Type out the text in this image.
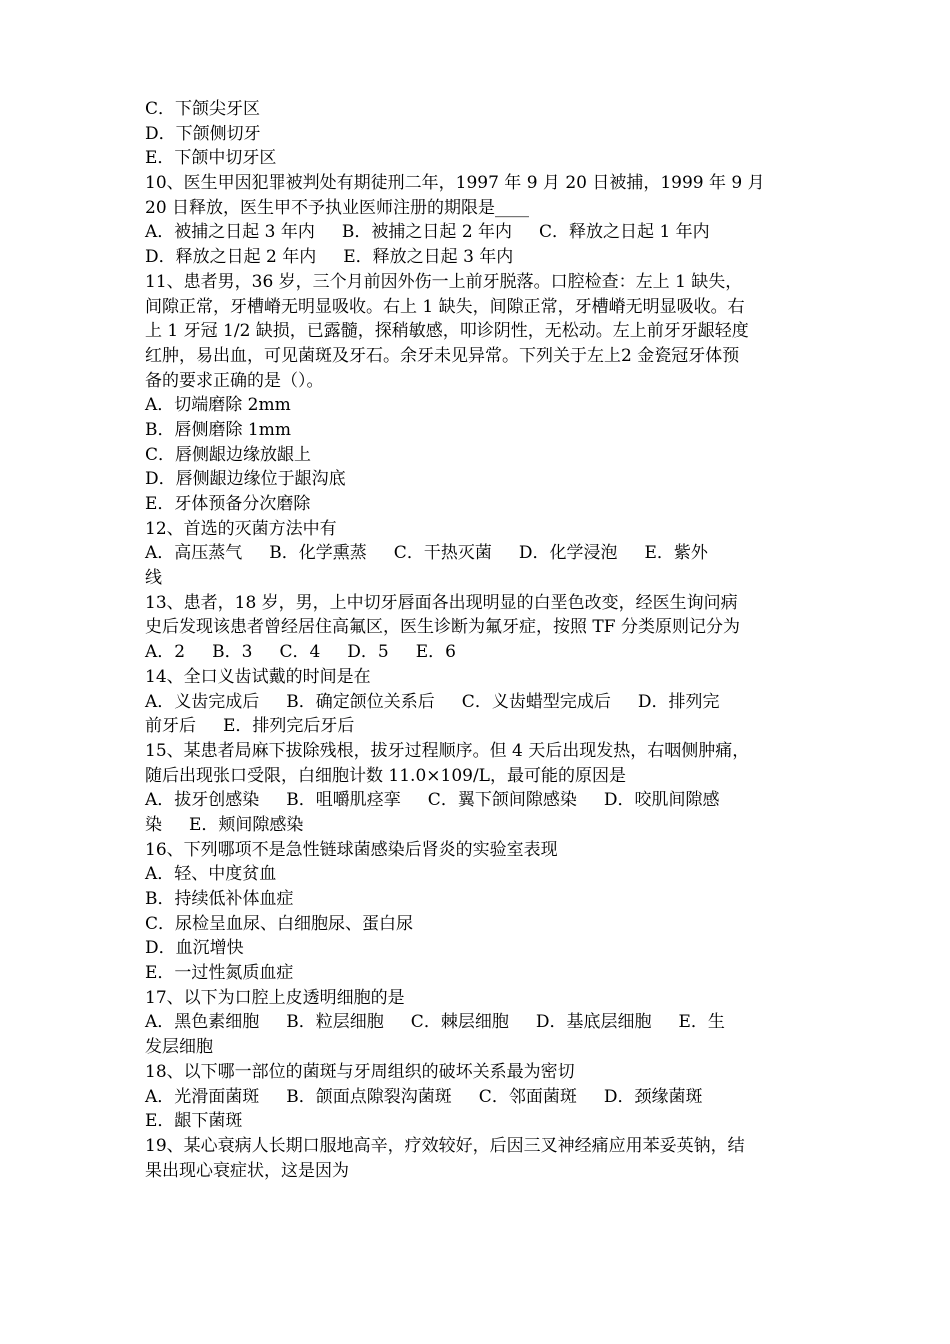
C．下颌尖牙区
D．下颌侧切牙
E．下颌中切牙区
10、医生甲因犯罪被判处有期徒刑二年，1997 年 9 月 20 日被捕，1999 年 9 月
20 日释放，医生甲不予执业医师注册的期限是____
A．被捕之日起 3 年内     B．被捕之日起 2 年内     C．释放之日起 1 年内
D．释放之日起 2 年内     E．释放之日起 3 年内
11、患者男，36 岁，三个月前因外伤一上前牙脱落。口腔检查：左上 1 缺失，
间隙正常，牙槽嵴无明显吸收。右上 1 缺失，间隙正常，牙槽嵴无明显吸收。右
上 1 牙冠 1/2 缺损，已露髓，探稍敏感，叩诊阴性，无松动。左上前牙牙龈轻度
红肿，易出血，可见菌斑及牙石。余牙未见异常。下列关于左上2 金瓷冠牙体预
备的要求正确的是（）。
A．切端磨除 2mm
B．唇侧磨除 1mm
C．唇侧龈边缘放龈上
D．唇侧龈边缘位于龈沟底
E．牙体预备分次磨除
12、首选的灭菌方法中有
A．高压蒸气     B．化学熏蒸     C．干热灭菌     D．化学浸泡     E．紫外
线
13、患者，18 岁，男，上中切牙唇面各出现明显的白垩色改变，经医生询问病
史后发现该患者曾经居住高氟区，医生诊断为氟牙症，按照 TF 分类原则记分为
A．2     B．3     C．4     D．5     E．6
14、全口义齿试戴的时间是在
A．义齿完成后     B．确定颌位关系后     C．义齿蜡型完成后     D．排列完
前牙后     E．排列完后牙后
15、某患者局麻下拔除残根，拔牙过程顺序。但 4 天后出现发热，右咽侧肿痛，
随后出现张口受限，白细胞计数 11.0×109/L，最可能的原因是
A．拔牙创感染     B．咀嚼肌痉挛     C．翼下颌间隙感染     D．咬肌间隙感
染     E．颊间隙感染
16、下列哪项不是急性链球菌感染后肾炎的实验室表现
A．轻、中度贫血
B．持续低补体血症
C．尿检呈血尿、白细胞尿、蛋白尿
D．血沉增快
E．一过性氮质血症
17、以下为口腔上皮透明细胞的是
A．黑色素细胞     B．粒层细胞     C．棘层细胞     D．基底层细胞     E．生
发层细胞
18、以下哪一部位的菌斑与牙周组织的破坏关系最为密切
A．光滑面菌斑     B．颌面点隙裂沟菌斑     C．邻面菌斑     D．颈缘菌斑
E．龈下菌斑
19、某心衰病人长期口服地高辛，疗效较好，后因三叉神经痛应用苯妥英钠，结
果出现心衰症状，这是因为
